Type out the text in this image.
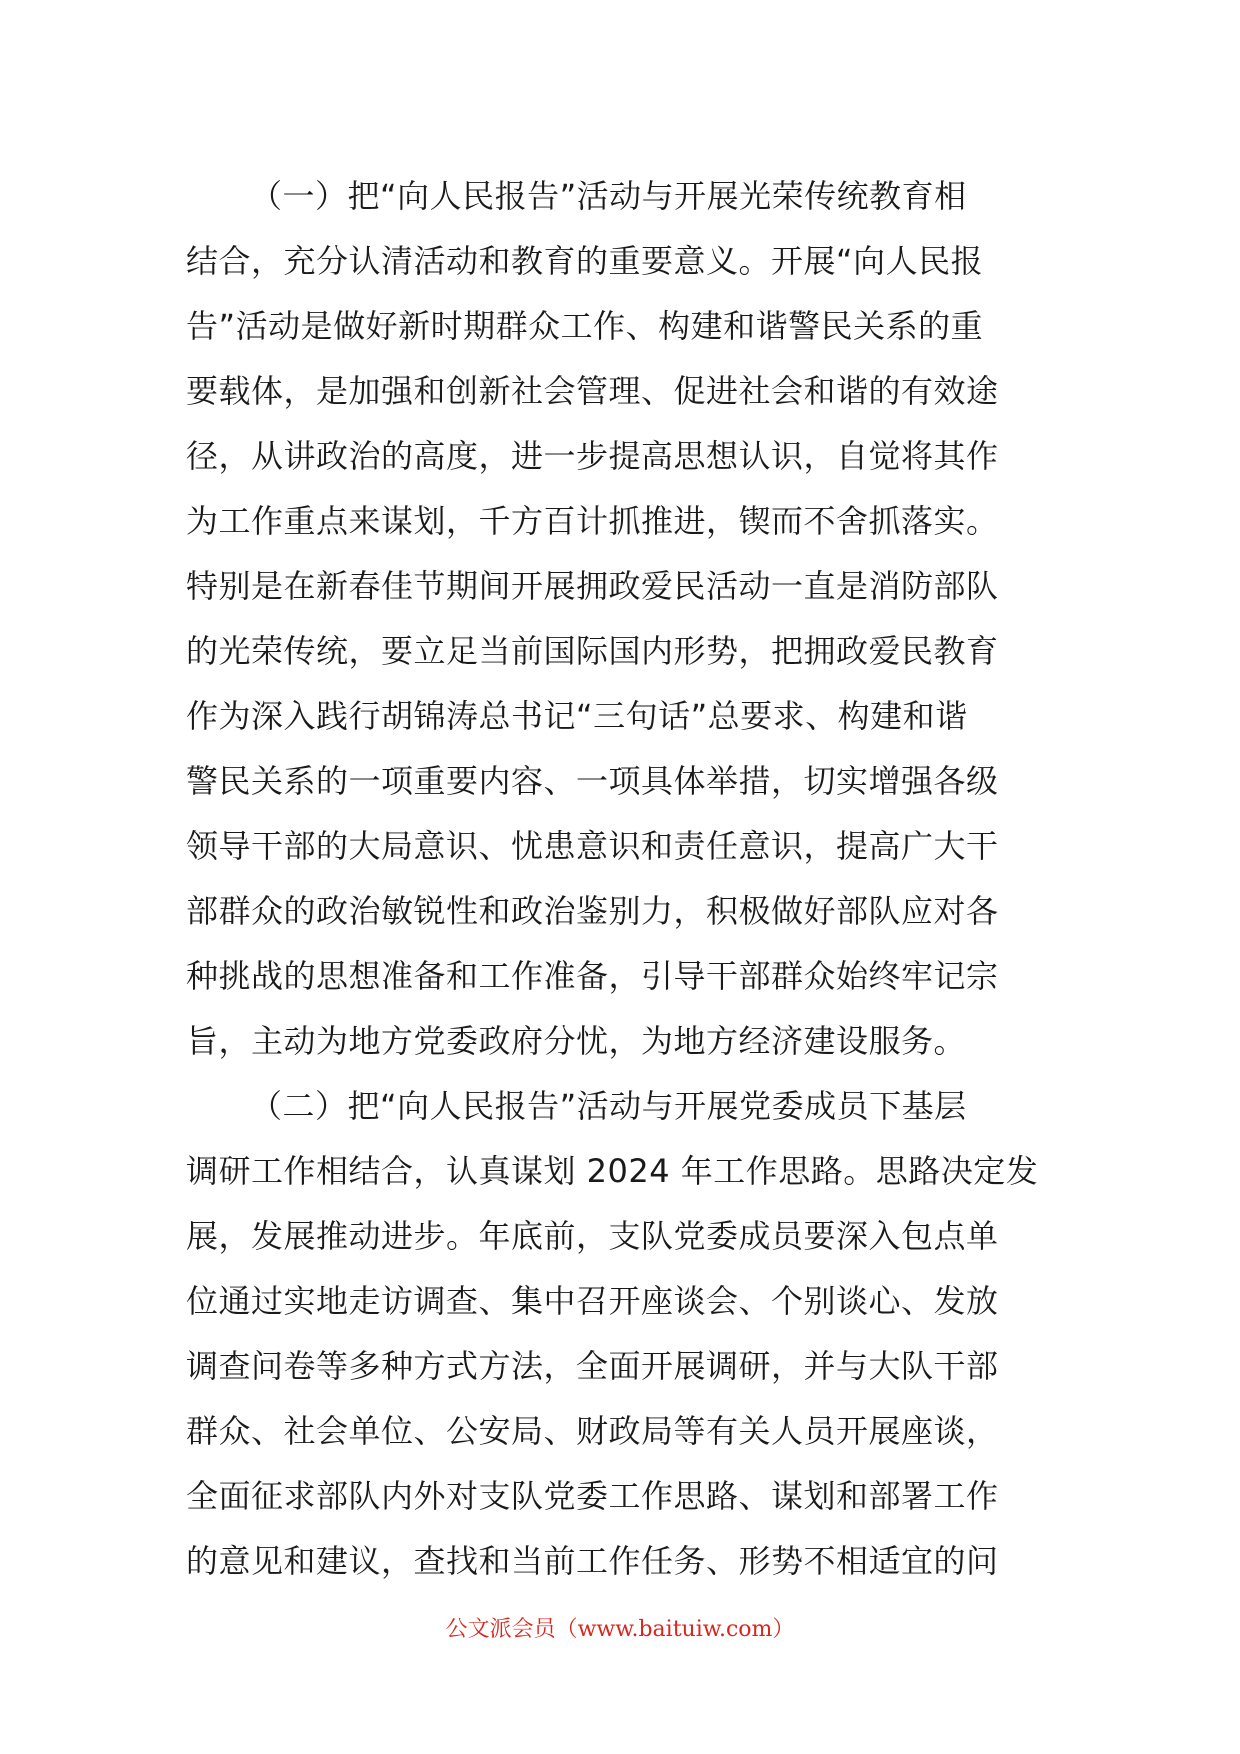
（一）把“向人民报告”活动与开展光荣传统教育相
结合，充分认清活动和教育的重要意义。开展“向人民报
告”活动是做好新时期群众工作、构建和谐警民关系的重
要载体，是加强和创新社会管理、促进社会和谐的有效途
径，从讲政治的高度，进一步提高思想认识，自觉将其作
为工作重点来谋划，千方百计抓推进，锲而不舍抓落实。
特别是在新春佳节期间开展拥政爱民活动一直是消防部队
的光荣传统，要立足当前国际国内形势，把拥政爱民教育
作为深入践行胡锦涛总书记“三句话”总要求、构建和谐
警民关系的一项重要内容、一项具体举措，切实增强各级
领导干部的大局意识、忧患意识和责任意识，提高广大干
部群众的政治敏锐性和政治鉴别力，积极做好部队应对各
种挑战的思想准备和工作准备，引导干部群众始终牢记宗
旨，主动为地方党委政府分忧，为地方经济建设服务。
（二）把“向人民报告”活动与开展党委成员下基层
调研工作相结合，认真谋划 2024 年工作思路。思路决定发
展，发展推动进步。年底前，支队党委成员要深入包点单
位通过实地走访调查、集中召开座谈会、个别谈心、发放
调查问卷等多种方式方法，全面开展调研，并与大队干部
群众、社会单位、公安局、财政局等有关人员开展座谈，
全面征求部队内外对支队党委工作思路、谋划和部署工作
的意见和建议，查找和当前工作任务、形势不相适宜的问
公文派会员（www.baituiw.com）
